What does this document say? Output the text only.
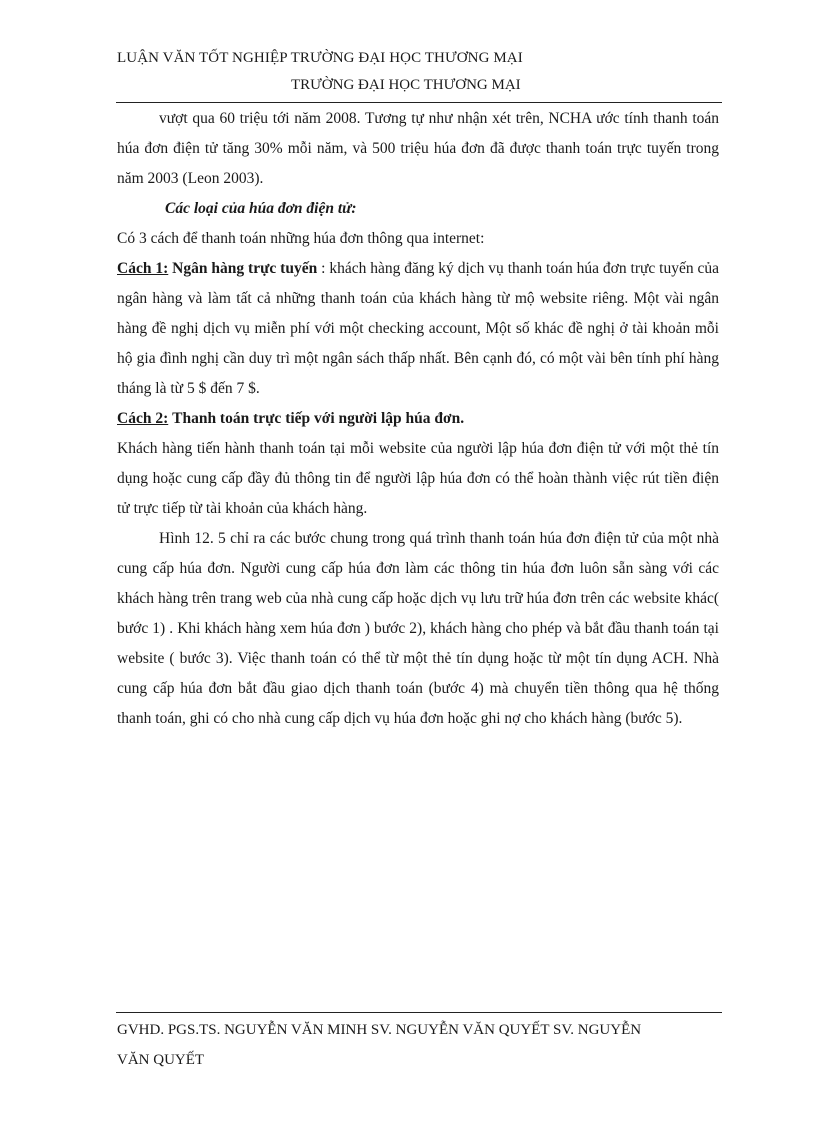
LUẬN VĂN TỐT NGHIỆP TRƯỜNG ĐẠI HỌC THƯƠNG MẠI
TRƯỜNG ĐẠI HỌC THƯƠNG MẠI

vượt qua 60 triệu tới năm 2008. Tương tự như nhận xét trên, NCHA ước tính thanh toán húa đơn điện tử tăng 30% mỗi năm, và 500 triệu húa đơn đã được thanh toán trực tuyến trong năm 2003 (Leon 2003).

Các loại của húa đơn điện tử:

Có 3 cách để thanh toán những húa đơn thông qua internet:

Cách 1: Ngân hàng trực tuyến : khách hàng đăng ký dịch vụ thanh toán húa đơn trực tuyến của ngân hàng và làm tất cả những thanh toán của khách hàng từ mộ website riêng. Một vài ngân hàng đề nghị dịch vụ miễn phí với một checking account, Một số khác đề nghị ở tài khoản mỗi hộ gia đình nghị cần duy trì một ngân sách thấp nhất. Bên cạnh đó, có một vài bên tính phí hàng tháng là từ 5 $ đến 7 $.

Cách 2: Thanh toán trực tiếp với người lập húa đơn.

Khách hàng tiến hành thanh toán tại mỗi website của người lập húa đơn điện tử với một thẻ tín dụng hoặc cung cấp đầy đủ thông tin để người lập húa đơn có thể hoàn thành việc rút tiền điện tử trực tiếp từ tài khoản của khách hàng.

Hình 12. 5 chỉ ra các bước chung trong quá trình thanh toán húa đơn điện tử của một nhà cung cấp húa đơn. Người cung cấp húa đơn làm các thông tin húa đơn luôn sẵn sàng với các khách hàng trên trang web của nhà cung cấp hoặc dịch vụ lưu trữ húa đơn trên các website khác( bước 1) . Khi khách hàng xem húa đơn ) bước 2), khách hàng cho phép và bắt đầu thanh toán tại website ( bước 3). Việc thanh toán có thể từ một thẻ tín dụng hoặc từ một tín dụng ACH. Nhà cung cấp húa đơn bắt đầu giao dịch thanh toán (bước 4) mà chuyển tiền thông qua hệ thống thanh toán, ghi có cho nhà cung cấp dịch vụ húa đơn hoặc ghi nợ cho khách hàng (bước 5).

GVHD. PGS.TS. NGUYỄN VĂN MINH SV. NGUYỄN VĂN QUYẾT SV. NGUYỄN VĂN QUYẾT
